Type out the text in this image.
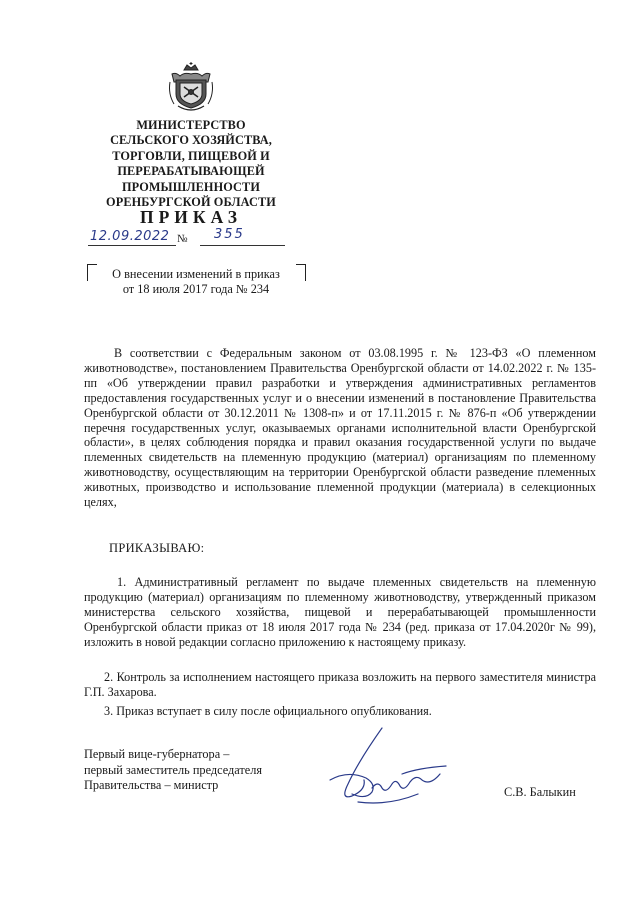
МИНИСТЕРСТВО
СЕЛЬСКОГО ХОЗЯЙСТВА,
ТОРГОВЛИ, ПИЩЕВОЙ И
ПЕРЕРАБАТЫВАЮЩЕЙ
ПРОМЫШЛЕННОСТИ
ОРЕНБУРГСКОЙ ОБЛАСТИ
ПРИКАЗ
12.09.2022 № 355
О внесении изменений в приказ
от 18 июля 2017 года № 234
В соответствии с Федеральным законом от 03.08.1995 г. № 123-ФЗ «О племенном животноводстве», постановлением Правительства Оренбургской области от 14.02.2022 г. № 135-пп «Об утверждении правил разработки и утверждения административных регламентов предоставления государственных услуг и о внесении изменений в постановление Правительства Оренбургской области от 30.12.2011 № 1308-п» и от 17.11.2015 г. № 876-п «Об утверждении перечня государственных услуг, оказываемых органами исполнительной власти Оренбургской области», в целях соблюдения порядка и правил оказания государственной услуги по выдаче племенных свидетельств на племенную продукцию (материал) организациям по племенному животноводству, осуществляющим на территории Оренбургской области разведение племенных животных, производство и использование племенной продукции (материала) в селекционных целях,
ПРИКАЗЫВАЮ:
1. Административный регламент по выдаче племенных свидетельств на племенную продукцию (материал) организациям по племенному животноводству, утвержденный приказом министерства сельского хозяйства, пищевой и перерабатывающей промышленности Оренбургской области приказ от 18 июля 2017 года № 234 (ред. приказа от 17.04.2020г № 99), изложить в новой редакции согласно приложению к настоящему приказу.
2. Контроль за исполнением настоящего приказа возложить на первого заместителя министра Г.П. Захарова.
3. Приказ вступает в силу после официального опубликования.
Первый вице-губернатора –
первый заместитель председателя
Правительства – министр	С.В. Балыкин
